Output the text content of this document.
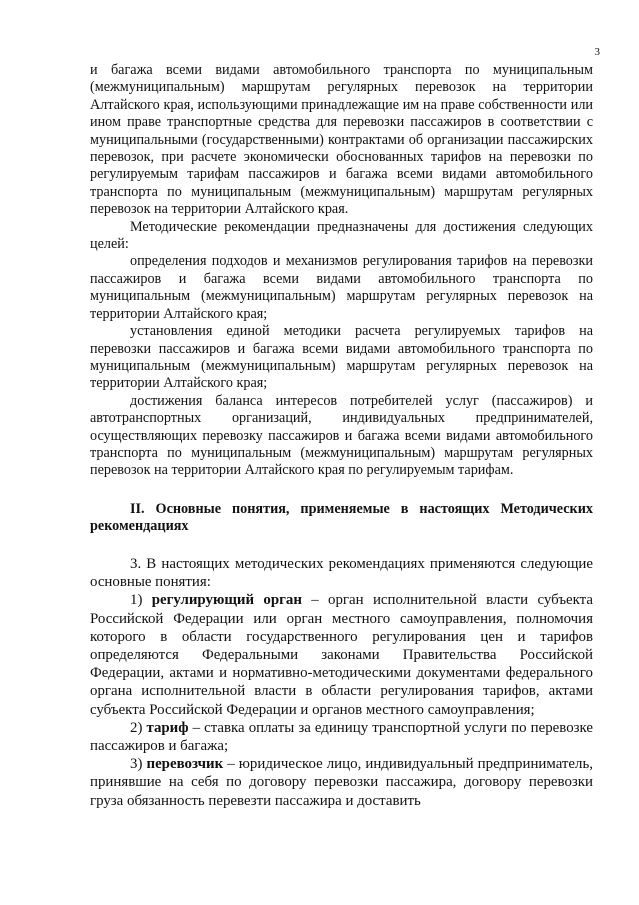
3

и багажа всеми видами автомобильного транспорта по муниципальным (межмуниципальным) маршрутам регулярных перевозок на территории Алтайского края, использующими принадлежащие им на праве собственности или ином праве транспортные средства для перевозки пассажиров в соответствии с муниципальными (государственными) контрактами об организации пассажирских перевозок, при расчете экономически обоснованных тарифов на перевозки по регулируемым тарифам пассажиров и багажа всеми видами автомобильного транспорта по муниципальным (межмуниципальным) маршрутам регулярных перевозок на территории Алтайского края.

Методические рекомендации предназначены для достижения следующих целей:

определения подходов и механизмов регулирования тарифов на перевозки пассажиров и багажа всеми видами автомобильного транспорта по муниципальным (межмуниципальным) маршрутам регулярных перевозок на территории Алтайского края;

установления единой методики расчета регулируемых тарифов на перевозки пассажиров и багажа всеми видами автомобильного транспорта по муниципальным (межмуниципальным) маршрутам регулярных перевозок на территории Алтайского края;

достижения баланса интересов потребителей услуг (пассажиров) и автотранспортных организаций, индивидуальных предпринимателей, осуществляющих перевозку пассажиров и багажа всеми видами автомобильного транспорта по муниципальным (межмуниципальным) маршрутам регулярных перевозок на территории Алтайского края по регулируемым тарифам.

II. Основные понятия, применяемые в настоящих Методических рекомендациях

3. В настоящих методических рекомендациях применяются следующие основные понятия:

1) регулирующий орган – орган исполнительной власти субъекта Российской Федерации или орган местного самоуправления, полномочия которого в области государственного регулирования цен и тарифов определяются Федеральными законами Правительства Российской Федерации, актами и нормативно-методическими документами федерального органа исполнительной власти в области регулирования тарифов, актами субъекта Российской Федерации и органов местного самоуправления;

2) тариф – ставка оплаты за единицу транспортной услуги по перевозке пассажиров и багажа;

3) перевозчик – юридическое лицо, индивидуальный предприниматель, принявшие на себя по договору перевозки пассажира, договору перевозки груза обязанность перевезти пассажира и доставить
